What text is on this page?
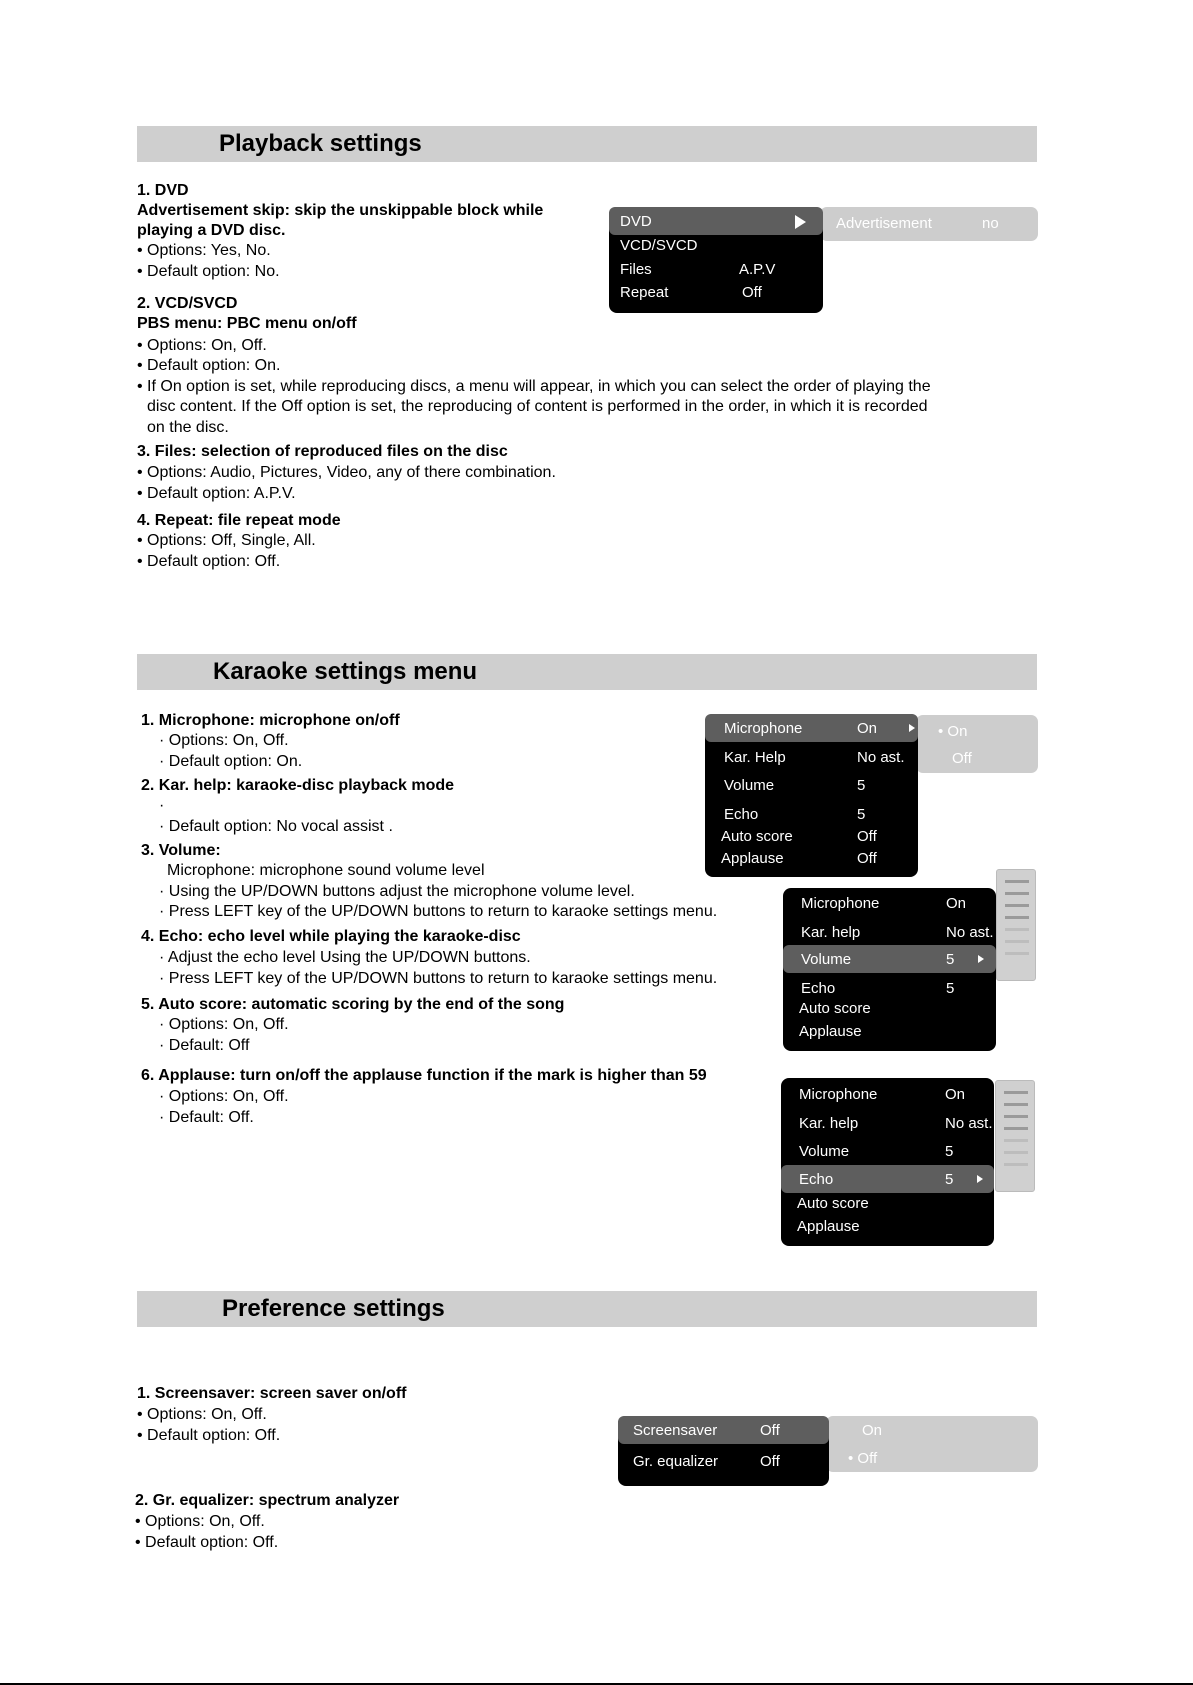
Playback settings
1. DVD
Advertisement skip: skip the unskippable block while
playing a DVD disc.
• Options: Yes, No.
• Default option: No.
2. VCD/SVCD
PBS menu: PBC menu on/off
• Options: On, Off.
• Default option: On.
• If On option is set, while reproducing discs, a menu will appear, in which you can select the order of playing the
disc content. If the Off option is set, the reproducing of content is performed in the order, in which it is recorded
on the disc.
3. Files: selection of reproduced files on the disc
• Options: Audio, Pictures, Video, any of there combination.
• Default option: A.P.V.
4. Repeat: file repeat mode
• Options: Off, Single, All.
• Default option: Off.
Advertisement	no
DVD
VCD/SVCD
Files	A.P.V
Repeat	Off
Karaoke settings menu
1. Microphone: microphone on/off
· Options: On, Off.
· Default option: On.
2. Kar. help: karaoke-disc playback mode
·
· Default option: No vocal assist .
3. Volume:
Microphone: microphone sound volume level
· Using the UP/DOWN buttons adjust the microphone volume level.
· Press LEFT key of the UP/DOWN buttons to return to karaoke settings menu.
4. Echo: echo level while playing the karaoke-disc
· Adjust the echo level Using the UP/DOWN buttons.
· Press LEFT key of the UP/DOWN buttons to return to karaoke settings menu.
5. Auto score: automatic scoring by the end of the song
· Options: On, Off.
· Default: Off
6. Applause: turn on/off the applause function if the mark is higher than 59
· Options: On, Off.
· Default: Off.
• On
Off
Microphone	On
Kar. Help	No ast.
Volume	5
Echo	5
Auto score	Off
Applause	Off
Microphone	On
Kar. help	No ast.
Volume	5
Echo	5
Auto score
Applause
Microphone	On
Kar. help	No ast.
Volume	5
Echo	5
Auto score
Applause
Preference settings
1. Screensaver: screen saver on/off
• Options: On, Off.
• Default option: Off.
2. Gr. equalizer: spectrum analyzer
• Options: On, Off.
• Default option: Off.
On
• Off
Screensaver	Off
Gr. equalizer	Off
